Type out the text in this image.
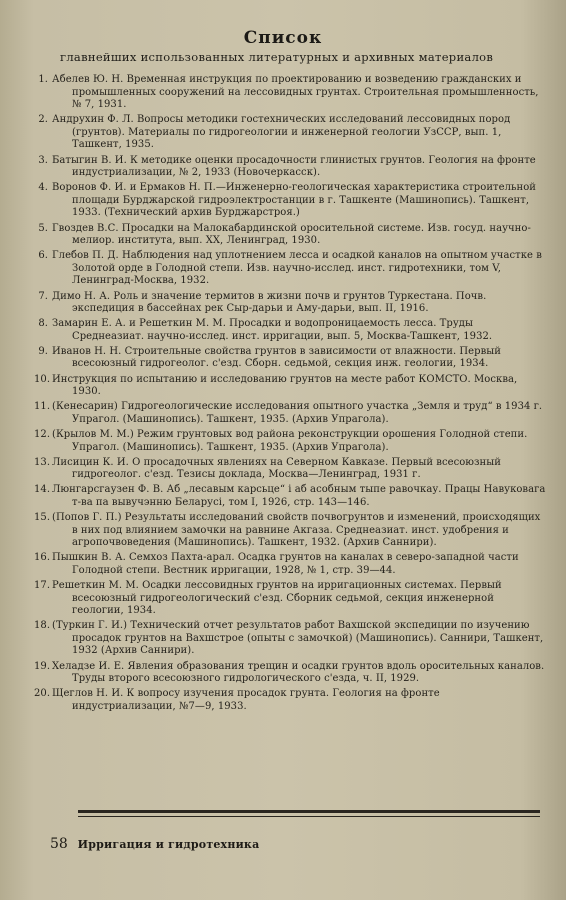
Список
главнейших использованных литературных и архивных материалов
1. Абелев Ю. Н. Временная инструкция по проектированию и возведению гражданских и промышленных сооружений на лессовидных грунтах. Строительная промышленность, № 7, 1931.
2. Андрухин Ф. Л. Вопросы методики гостехнических исследований лессовидных пород (грунтов). Материалы по гидрогеологии и инженерной геологии УзССР, вып. 1, Ташкент, 1935.
3. Батыгин В. И. К методике оценки просадочности глинистых грунтов. Геология на фронте индустриализации, № 2, 1933 (Новочеркасск).
4. Воронов Ф. И. и Ермаков Н. П.—Инженерно-геологическая характеристика строительной площади Бурджарской гидроэлектростанции в г. Ташкенте (Машинопись). Ташкент, 1933. (Технический архив Бурджарстроя.)
5. Гвоздев В.С. Просадки на Малокабардинской оросительной системе. Изв. госуд. научно-мелиор. института, вып. XX, Ленинград, 1930.
6. Глебов П. Д. Наблюдения над уплотнением лесса и осадкой каналов на опытном участке в Золотой орде в Голодной степи. Изв. научно-исслед. инст. гидротехники, том V, Ленинград-Москва, 1932.
7. Димо Н. А. Роль и значение термитов в жизни почв и грунтов Туркестана. Почв. экспедиция в бассейнах рек Сыр-дарьи и Аму-дарьи, вып. II, 1916.
8. Замарин Е. А. и Решеткин М. М. Просадки и водопроницаемость лесса. Труды Среднеазиат. научно-исслед. инст. ирригации, вып. 5, Москва-Ташкент, 1932.
9. Иванов Н. Н. Строительные свойства грунтов в зависимости от влажности. Первый всесоюзный гидрогеолог. с'езд. Сборн. седьмой, секция инж. геологии, 1934.
10. Инструкция по испытанию и исследованию грунтов на месте работ КОМСТО. Москва, 1930.
11. (Кенесарин) Гидрогеологические исследования опытного участка „Земля и труд“ в 1934 г. Упрагол. (Машинопись). Ташкент, 1935. (Архив Упрагола).
12. (Крылов М. М.) Режим грунтовых вод района реконструкции орошения Голодной степи. Упрагол. (Машинопись). Ташкент, 1935. (Архив Упрагола).
13. Лисицин К. И. О просадочных явлениях на Северном Кавказе. Первый всесоюзный гидрогеолог. с'езд. Тезисы доклада, Москва—Ленинград, 1931 г.
14. Люнгарсгаузен Ф. В. Аб „лесавым карсьце“ і аб асобным тыпе равочкау. Працы Навуковага т-ва па вывучэнню Беларусі, том I, 1926, стр. 143—146.
15. (Попов Г. П.) Результаты исследований свойств почвогрунтов и изменений, происходящих в них под влиянием замочки на равнине Акгаза. Среднеазиат. инст. удобрения и агропочвоведения (Машинопись). Ташкент, 1932. (Архив Саннири).
16. Пышкин В. А. Семхоз Пахта-арал. Осадка грунтов на каналах в северо-западной части Голодной степи. Вестник ирригации, 1928, № 1, стр. 39—44.
17. Решеткин М. М. Осадки лессовидных грунтов на ирригационных системах. Первый всесоюзный гидрогеологический с'езд. Сборник седьмой, секция инженерной геологии, 1934.
18. (Туркин Г. И.) Технический отчет результатов работ Вахшской экспедиции по изучению просадок грунтов на Вахшстрое (опыты с замочкой) (Машинопись). Саннири, Ташкент, 1932 (Архив Саннири).
19. Хеладзе И. Е. Явления образования трещин и осадки грунтов вдоль оросительных каналов. Труды второго всесоюзного гидрологического с'езда, ч. II, 1929.
20. Щеглов Н. И. К вопросу изучения просадок грунта. Геология на фронте индустриализации, №7—9, 1933.
58 Ирригация и гидротехника
